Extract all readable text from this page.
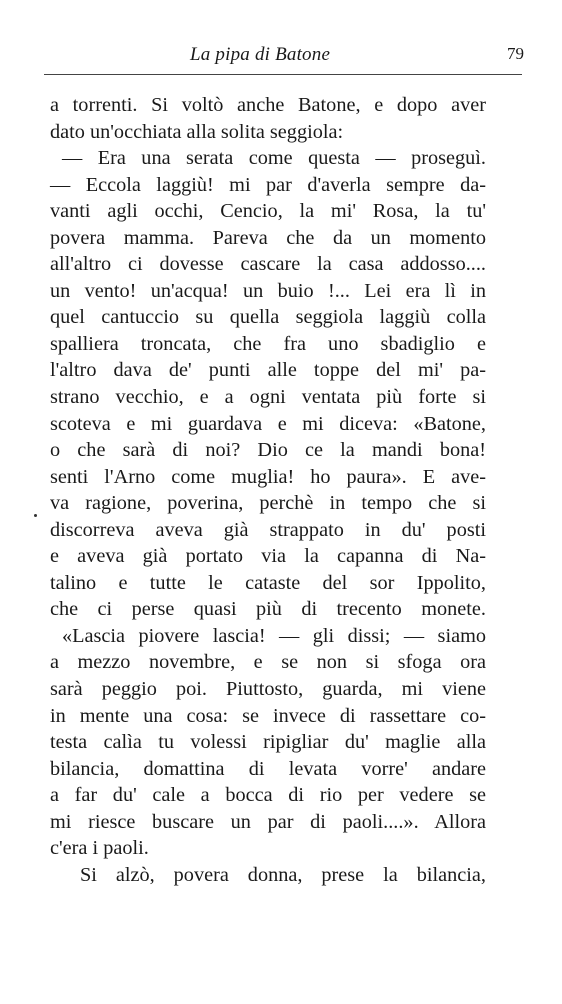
La pipa di Batone	79
a torrenti. Si voltò anche Batone, e dopo aver
dato un'occhiata alla solita seggiola:
— Era una serata come questa — proseguì.
— Eccola laggiù! mi par d'averla sempre da-
vanti agli occhi, Cencio, la mi' Rosa, la tu'
povera mamma. Pareva che da un momento
all'altro ci dovesse cascare la casa addosso....
un vento! un'acqua! un buio !... Lei era lì in
quel cantuccio su quella seggiola laggiù colla
spalliera troncata, che fra uno sbadiglio e
l'altro dava de' punti alle toppe del mi' pa-
strano vecchio, e a ogni ventata più forte si
scoteva e mi guardava e mi diceva: «Batone,
o che sarà di noi? Dio ce la mandi bona!
senti l'Arno come muglia! ho paura». E ave-
va ragione, poverina, perchè in tempo che si
discorreva aveva già strappato in du' posti
e aveva già portato via la capanna di Na-
talino e tutte le cataste del sor Ippolito,
che ci perse quasi più di trecento monete.
«Lascia piovere lascia! — gli dissi; — siamo
a mezzo novembre, e se non si sfoga ora
sarà peggio poi. Piuttosto, guarda, mi viene
in mente una cosa: se invece di rassettare co-
testa calìa tu volessi ripigliar du' maglie alla
bilancia, domattina di levata vorre' andare
a far du' cale a bocca di rio per vedere se
mi riesce buscare un par di paoli....». Allora
c'era i paoli.
Si alzò, povera donna, prese la bilancia,
